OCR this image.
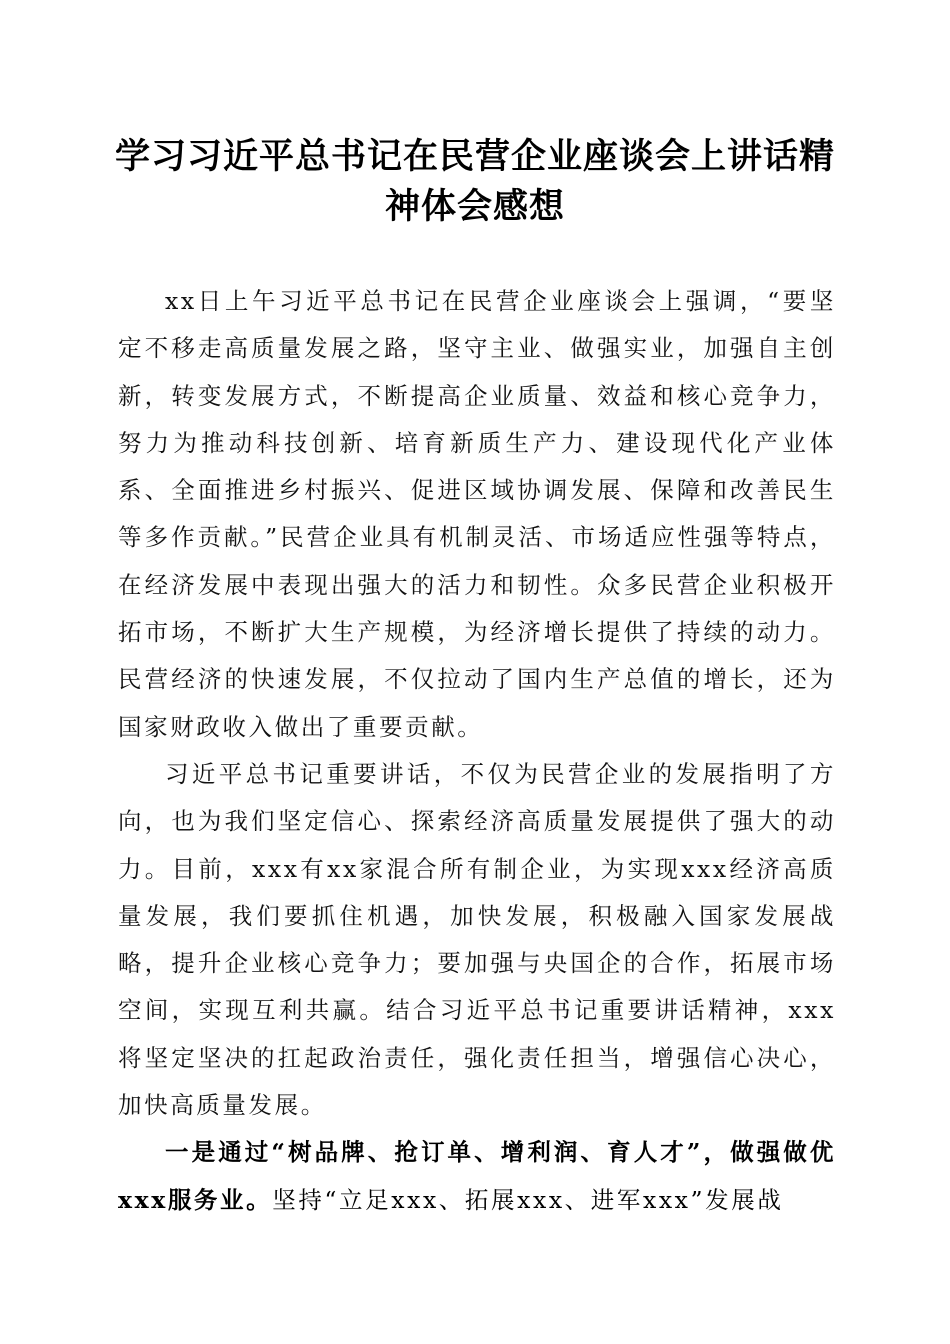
学习习近平总书记在民营企业座谈会上讲话精神体会感想

xx日上午习近平总书记在民营企业座谈会上强调，“要坚定不移走高质量发展之路，坚守主业、做强实业，加强自主创新，转变发展方式，不断提高企业质量、效益和核心竞争力，努力为推动科技创新、培育新质生产力、建设现代化产业体系、全面推进乡村振兴、促进区域协调发展、保障和改善民生等多作贡献。”民营企业具有机制灵活、市场适应性强等特点，在经济发展中表现出强大的活力和韧性。众多民营企业积极开拓市场，不断扩大生产规模，为经济增长提供了持续的动力。民营经济的快速发展，不仅拉动了国内生产总值的增长，还为国家财政收入做出了重要贡献。

习近平总书记重要讲话，不仅为民营企业的发展指明了方向，也为我们坚定信心、探索经济高质量发展提供了强大的动力。目前，xxx有xx家混合所有制企业，为实现xxx经济高质量发展，我们要抓住机遇，加快发展，积极融入国家发展战略，提升企业核心竞争力；要加强与央国企的合作，拓展市场空间，实现互利共赢。结合习近平总书记重要讲话精神，xxx将坚定坚决的扛起政治责任，强化责任担当，增强信心决心，加快高质量发展。

一是通过“树品牌、抢订单、增利润、育人才”，做强做优xxx服务业。坚持“立足xxx、拓展xxx、进军xxx”发展战
